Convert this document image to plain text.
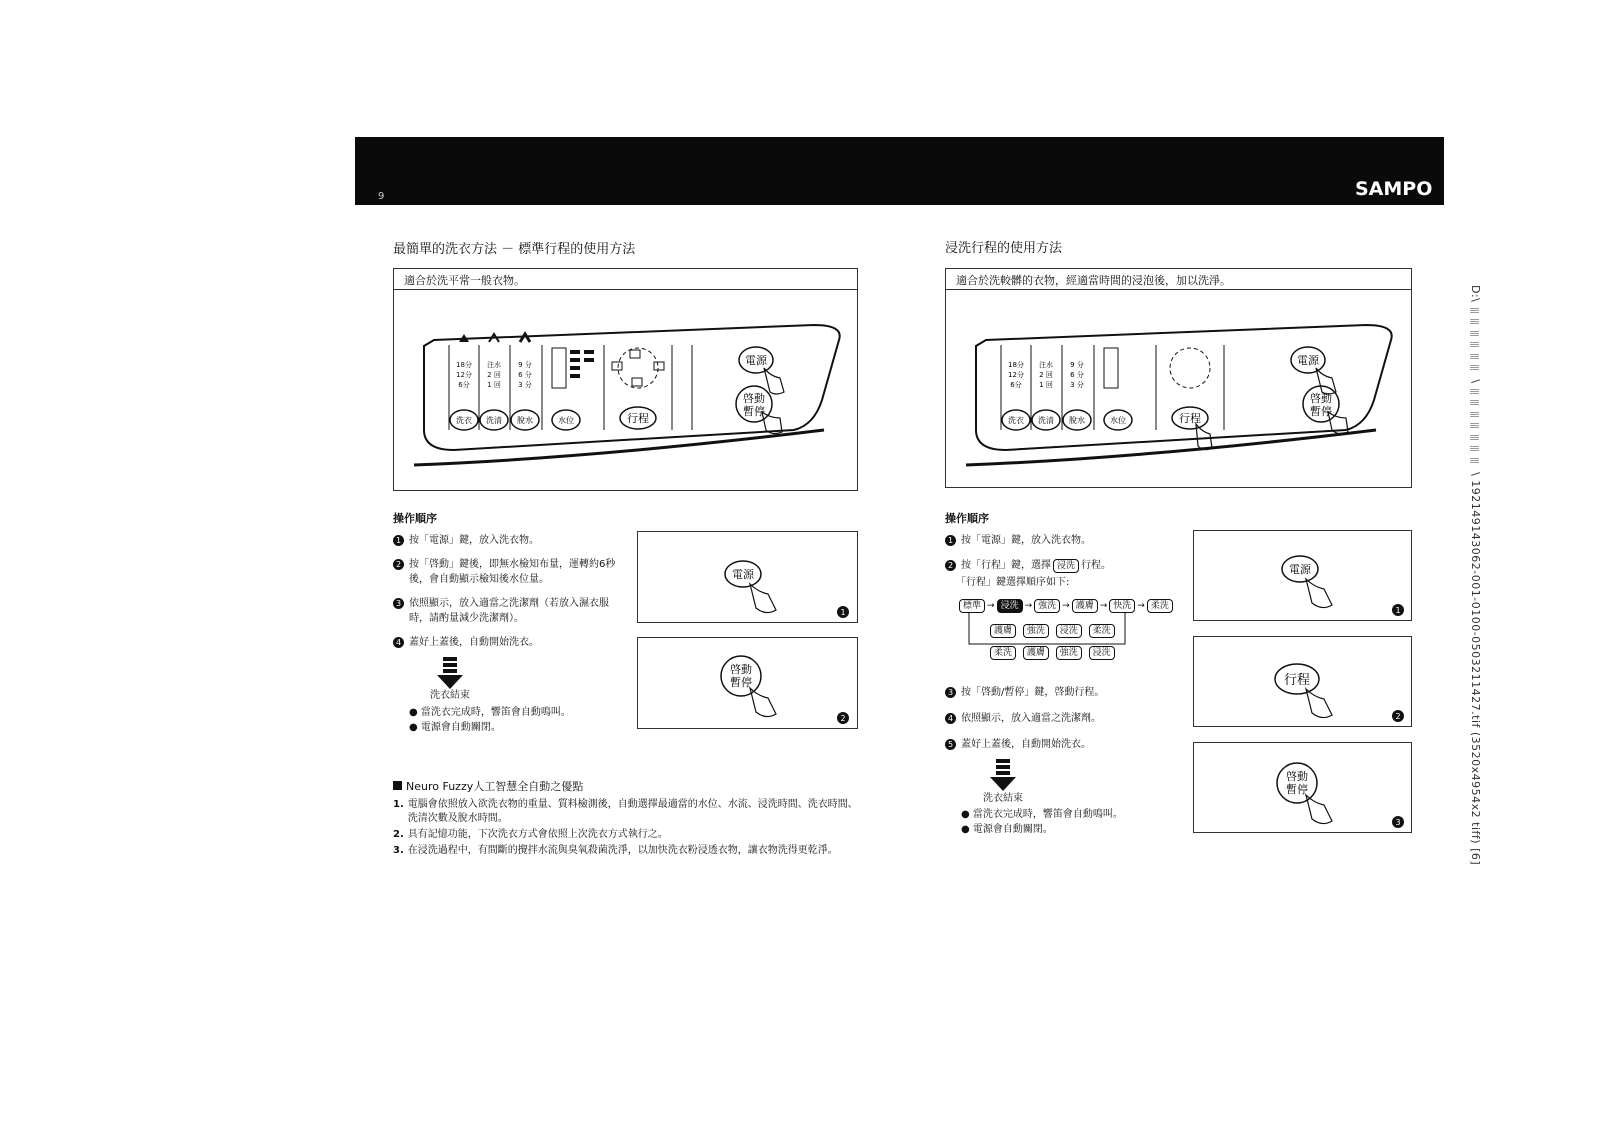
9	SAMPO
D:\ 𝄘𝄘𝄘𝄘𝄘𝄘 \ 𝄘𝄘𝄘𝄘𝄘𝄘𝄘 \ 192149143062-001-0100-0503211427.tif (3520x4954x2 tiff) [6]
最簡單的洗衣方法 － 標準行程的使用方法
適合於洗平常一般衣物。
18分
12分
6分
注水
2 回
1 回
9 分
6 分
3 分
洗衣 洗清 脫水	水位	行程
電源
啓動
暫停
操作順序
1 按「電源」鍵，放入洗衣物。
2 按「啓動」鍵後，即無水檢知布量，運轉約6秒後，會自動顯示檢知後水位量。
3 依照顯示，放入適當之洗潔劑（若放入濕衣服時，請酌量減少洗潔劑）。
4 蓋好上蓋後，自動開始洗衣。
洗衣結束
● 當洗衣完成時，響笛會自動鳴叫。
● 電源會自動關閉。
電源
1
啓動
暫停
2
Neuro Fuzzy人工智慧全自動之優點
1. 電腦會依照放入欲洗衣物的重量、質料檢測後，自動選擇最適當的水位、水流、浸洗時間、洗衣時間、洗清次數及脫水時間。
2. 具有記憶功能，下次洗衣方式會依照上次洗衣方式執行之。
3. 在浸洗過程中，有間斷的攪拌水流與臭氧殺菌洗淨，以加快洗衣粉浸透衣物，讓衣物洗得更乾淨。
浸洗行程的使用方法
適合於洗較髒的衣物，經適當時間的浸泡後，加以洗淨。
18分
12分
6分
注水
2 回
1 回
9 分
6 分
3 分
洗衣 洗清 脫水	水位	行程
電源
啓動
暫停
操作順序
1 按「電源」鍵，放入洗衣物。
2 按「行程」鍵，選擇 浸洗 行程。
「行程」鍵選擇順序如下:
標準 → 浸洗 → 強洗 → 護膚 → 快洗 → 柔洗
護膚 強洗 浸洗 柔洗
柔洗 護膚 強洗 浸洗
3 按「啓動/暫停」鍵，啓動行程。
4 依照顯示，放入適當之洗潔劑。
5 蓋好上蓋後，自動開始洗衣。
洗衣結束
● 當洗衣完成時，響笛會自動鳴叫。
● 電源會自動關閉。
電源
1
行程
2
啓動
暫停
3
